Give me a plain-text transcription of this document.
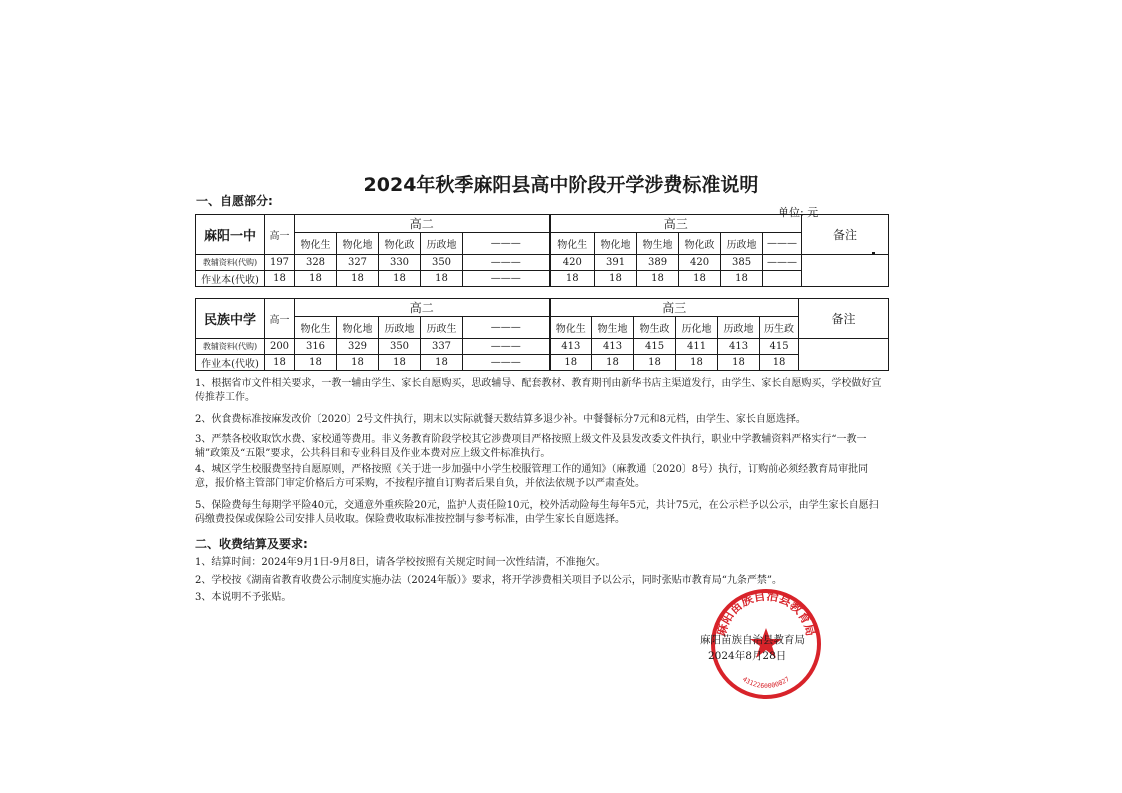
2024年秋季麻阳县高中阶段开学涉费标准说明
一、自愿部分:
单位: 元
麻阳一中	高一	高二					高三						备注
		物化生	物化地	物化政	历政地	———	物化生	物化地	物生地	物化政	历政地	———	
教辅资料(代购)	197	328	327	330	350	———	420	391	389	420	385	———	
作业本(代收)	18	18	18	18	18	———	18	18	18	18	18		
民族中学	高一	高二					高三						备注
		物化生	物化地	历政地	历政生	———	物化生	物生地	物生政	历化地	历政地	历生政	
教辅资料(代购)	200	316	329	350	337	———	413	413	415	411	413	415	
作业本(代收)	18	18	18	18	18	———	18	18	18	18	18	18	
1、根据省市文件相关要求，一教一辅由学生、家长自愿购买，思政辅导、配套教材、教育期刊由新华书店主渠道发行，由学生、家长自愿购买，学校做好宣传推荐工作。
2、伙食费标准按麻发改价〔2020〕2号文件执行，期末以实际就餐天数结算多退少补。中餐餐标分7元和8元档，由学生、家长自愿选择。
3、严禁各校收取饮水费、家校通等费用。非义务教育阶段学校其它涉费项目严格按照上级文件及县发改委文件执行，职业中学教辅资料严格实行“一教一辅”政策及“五限”要求，公共科目和专业科目及作业本费对应上级文件标准执行。
4、城区学生校服费坚持自愿原则，严格按照《关于进一步加强中小学生校服管理工作的通知》（麻教通〔2020〕8号）执行，订购前必须经教育局审批同意，报价格主管部门审定价格后方可采购，不按程序擅自订购者后果自负，并依法依规予以严肃查处。
5、保险费每生每期学平险40元，交通意外重疾险20元，监护人责任险10元，校外活动险每生每年5元，共计75元，在公示栏予以公示，由学生家长自愿扫码缴费投保或保险公司安排人员收取。保险费收取标准按控制与参考标准，由学生家长自愿选择。
二、收费结算及要求:
1、结算时间：2024年9月1日-9月8日，请各学校按照有关规定时间一次性结清，不准拖欠。
2、学校按《湖南省教育收费公示制度实施办法（2024年版）》要求，将开学涉费相关项目予以公示，同时张贴市教育局“九条严禁”。
3、本说明不予张贴。
麻阳苗族自治县教育局
4312260000027
麻阳苗族自治县教育局
2024年8月28日
